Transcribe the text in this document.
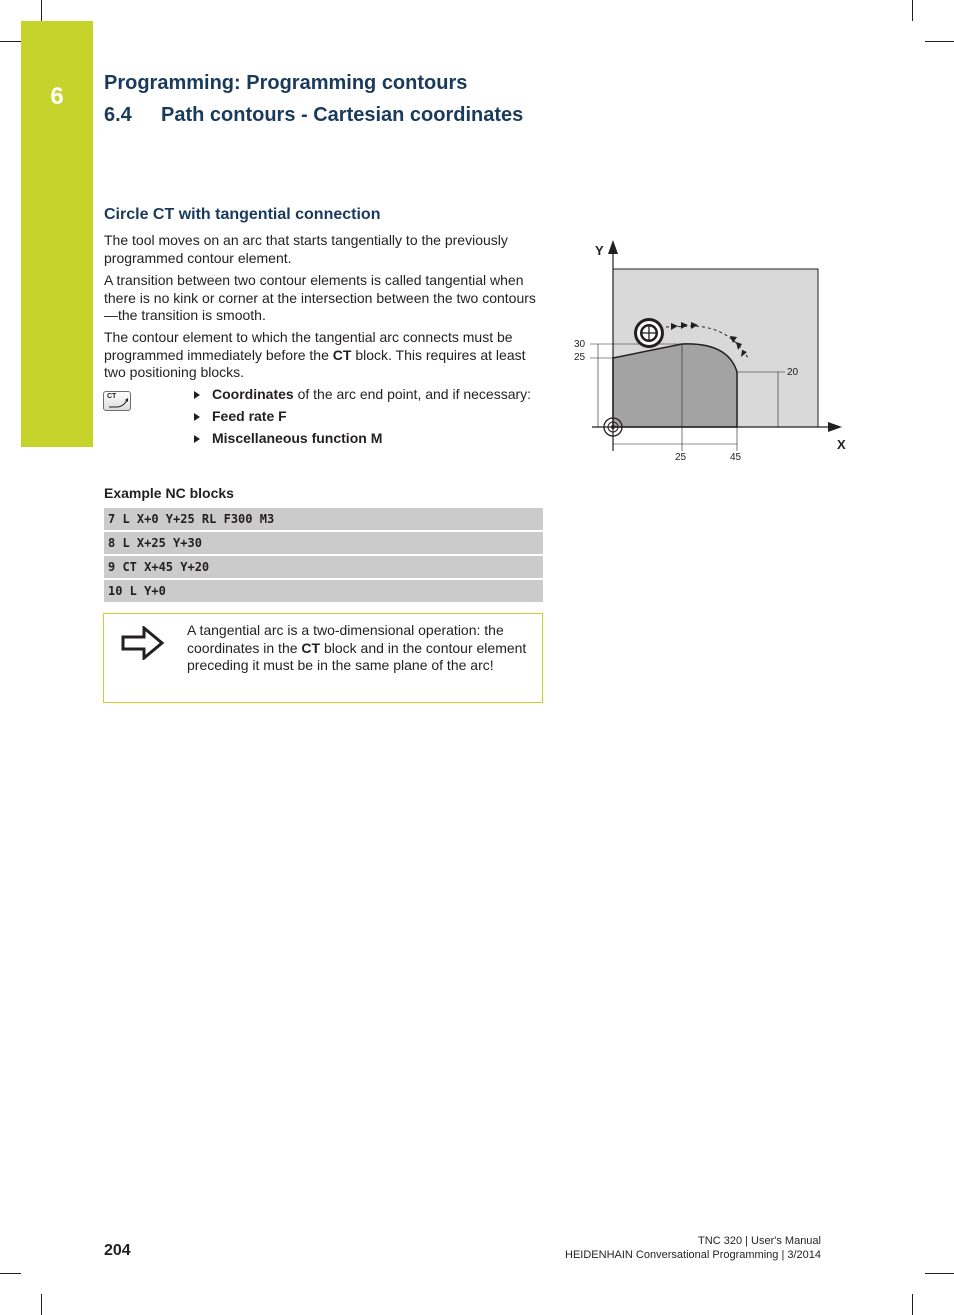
6	Programming: Programming contours
6.4 Path contours - Cartesian coordinates
Circle CT with tangential connection

The tool moves on an arc that starts tangentially to the previously programmed contour element.

A transition between two contour elements is called tangential when there is no kink or corner at the intersection between the two contours—the transition is smooth.

The contour element to which the tangential arc connects must be programmed immediately before the CT block. This requires at least two positioning blocks.

CT	Coordinates of the arc end point, and if necessary:
Feed rate F
Miscellaneous function M
Example NC blocks
7 L X+0 Y+25 RL F300 M3
8 L X+25 Y+30
9 CT X+45 Y+20
10 L Y+0

A tangential arc is a two-dimensional operation: the coordinates in the CT block and in the contour element preceding it must be in the same plane of the arc!

Y
X
30
25
25	45
20
204
TNC 320 | User's Manual
HEIDENHAIN Conversational Programming | 3/2014
